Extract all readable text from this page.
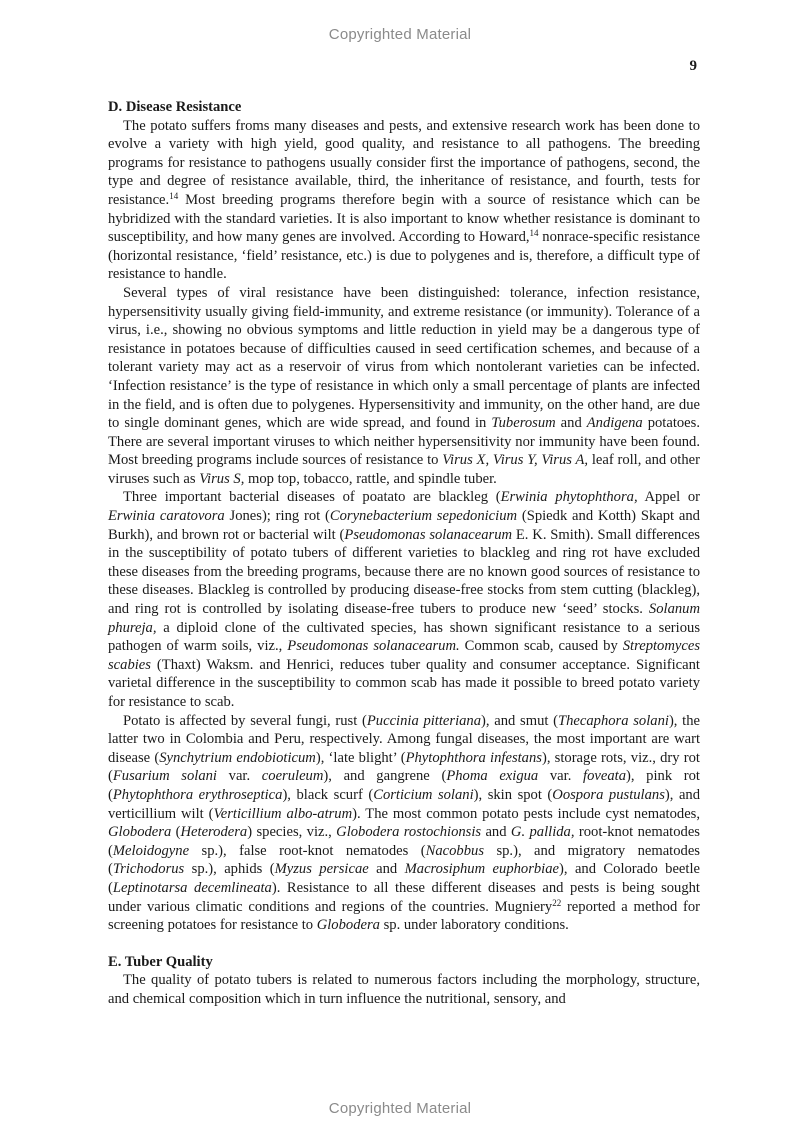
Copyrighted Material
9
D. Disease Resistance

The potato suffers froms many diseases and pests, and extensive research work has been done to evolve a variety with high yield, good quality, and resistance to all pathogens. The breeding programs for resistance to pathogens usually consider first the importance of pathogens, second, the type and degree of resistance available, third, the inheritance of resistance, and fourth, tests for resistance.$^{14}$ Most breeding programs therefore begin with a source of resistance which can be hybridized with the standard varieties. It is also important to know whether resistance is dominant to susceptibility, and how many genes are involved. According to Howard,$^{14}$ nonrace-specific resistance (horizontal resistance, ‘field’ resistance, etc.) is due to polygenes and is, therefore, a difficult type of resistance to handle.

Several types of viral resistance have been distinguished: tolerance, infection resistance, hypersensitivity usually giving field-immunity, and extreme resistance (or immunity). Tolerance of a virus, i.e., showing no obvious symptoms and little reduction in yield may be a dangerous type of resistance in potatoes because of difficulties caused in seed certification schemes, and because of a tolerant variety may act as a reservoir of virus from which nontolerant varieties can be infected. ‘Infection resistance’ is the type of resistance in which only a small percentage of plants are infected in the field, and is often due to polygenes. Hypersensitivity and immunity, on the other hand, are due to single dominant genes, which are wide spread, and found in Tuberosum and Andigena potatoes. There are several important viruses to which neither hypersensitivity nor immunity have been found. Most breeding programs include sources of resistance to Virus X, Virus Y, Virus A, leaf roll, and other viruses such as Virus S, mop top, tobacco, rattle, and spindle tuber.

Three important bacterial diseases of poatato are blackleg (Erwinia phytophthora, Appel or Erwinia caratovora Jones); ring rot (Corynebacterium sepedonicium (Spiedk and Kotth) Skapt and Burkh), and brown rot or bacterial wilt (Pseudomonas solanacearum E. K. Smith). Small differences in the susceptibility of potato tubers of different varieties to blackleg and ring rot have excluded these diseases from the breeding programs, because there are no known good sources of resistance to these diseases. Blackleg is controlled by producing disease-free stocks from stem cutting (blackleg), and ring rot is controlled by isolating disease-free tubers to produce new ‘seed’ stocks. Solanum phureja, a diploid clone of the cultivated species, has shown significant resistance to a serious pathogen of warm soils, viz., Pseudomonas solanacearum. Common scab, caused by Streptomyces scabies (Thaxt) Waksm. and Henrici, reduces tuber quality and consumer acceptance. Significant varietal difference in the susceptibility to common scab has made it possible to breed potato variety for resistance to scab.

Potato is affected by several fungi, rust (Puccinia pitteriana), and smut (Thecaphora solani), the latter two in Colombia and Peru, respectively. Among fungal diseases, the most important are wart disease (Synchytrium endobioticum), ‘late blight’ (Phytophthora infestans), storage rots, viz., dry rot (Fusarium solani var. coeruleum), and gangrene (Phoma exigua var. foveata), pink rot (Phytophthora erythroseptica), black scurf (Corticium solani), skin spot (Oospora pustulans), and verticillium wilt (Verticillium albo-atrum). The most common potato pests include cyst nematodes, Globodera (Heterodera) species, viz., Globodera rostochionsis and G. pallida, root-knot nematodes (Meloidogyne sp.), false root-knot nematodes (Nacobbus sp.), and migratory nematodes (Trichodorus sp.), aphids (Myzus persicae and Macrosiphum euphorbiae), and Colorado beetle (Leptinotarsa decemlineata). Resistance to all these different diseases and pests is being sought under various climatic conditions and regions of the countries. Mugniery$^{22}$ reported a method for screening potatoes for resistance to Globodera sp. under laboratory conditions.

E. Tuber Quality

The quality of potato tubers is related to numerous factors including the morphology, structure, and chemical composition which in turn influence the nutritional, sensory, and

Copyrighted Material
